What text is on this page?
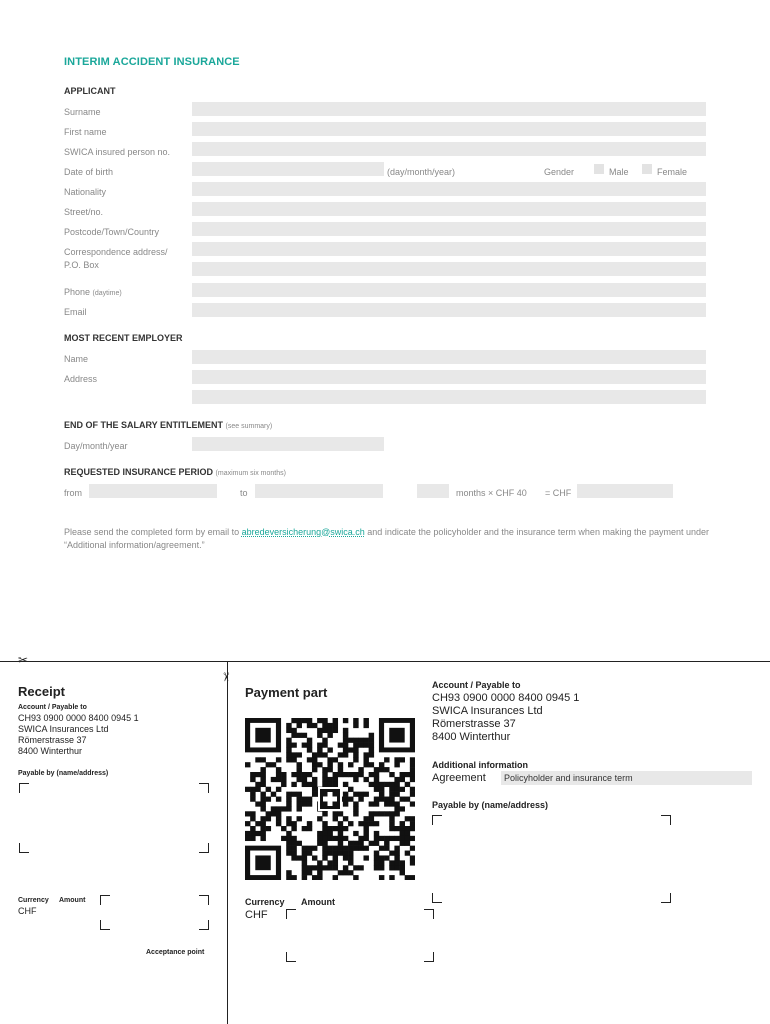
INTERIM ACCIDENT INSURANCE
APPLICANT
Surname
First name
SWICA insured person no.
Date of birth	(day/month/year)	Gender	Male	Female
Nationality
Street/no.
Postcode/Town/Country
Correspondence address/
P.O. Box
Phone (daytime)
Email
MOST RECENT EMPLOYER
Name
Address
END OF THE SALARY ENTITLEMENT (see summary)
Day/month/year
REQUESTED INSURANCE PERIOD (maximum six months)
from	to	months × CHF 40 = CHF
Please send the completed form by email to abredeversicherung@swica.ch and indicate the policyholder and the insurance term when making the payment under “Additional information/agreement.”
✂
✂
Receipt
Account / Payable to
CH93 0900 0000 8400 0945 1
SWICA Insurances Ltd
Römerstrasse 37
8400 Winterthur
Payable by (name/address)
Currency Amount
CHF
Acceptance point
Payment part
Currency Amount
CHF
Account / Payable to
CH93 0900 0000 8400 0945 1
SWICA Insurances Ltd
Römerstrasse 37
8400 Winterthur
Additional information
Agreement	Policyholder and insurance term
Payable by (name/address)
